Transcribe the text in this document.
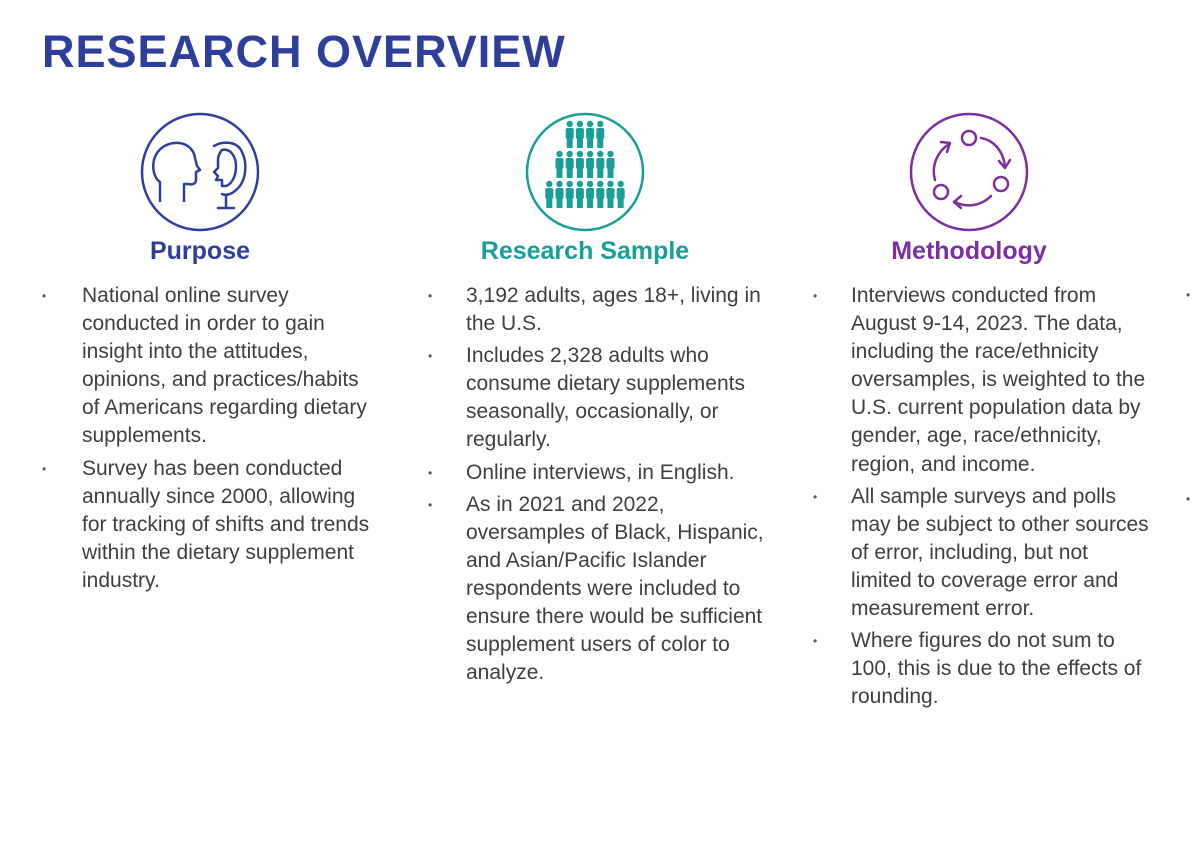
RESEARCH OVERVIEW
Purpose
• National online survey conducted in order to gain insight into the attitudes, opinions, and practices/habits of Americans regarding dietary supplements.
• Survey has been conducted annually since 2000, allowing for tracking of shifts and trends within the dietary supplement industry.
Research Sample
• 3,192 adults, ages 18+, living in the U.S.
• Includes 2,328 adults who consume dietary supplements seasonally, occasionally, or regularly.
• Online interviews, in English.
• As in 2021 and 2022, oversamples of Black, Hispanic, and Asian/Pacific Islander respondents were included to ensure there would be sufficient supplement users of color to analyze.
Methodology
• Interviews conducted from August 9-14, 2023. The data, including the race/ethnicity oversamples, is weighted to the U.S. current population data by gender, age, race/ethnicity, region, and income.
• All sample surveys and polls may be subject to other sources of error, including, but not limited to coverage error and measurement error.
• Where figures do not sum to 100, this is due to the effects of rounding.
•
•
